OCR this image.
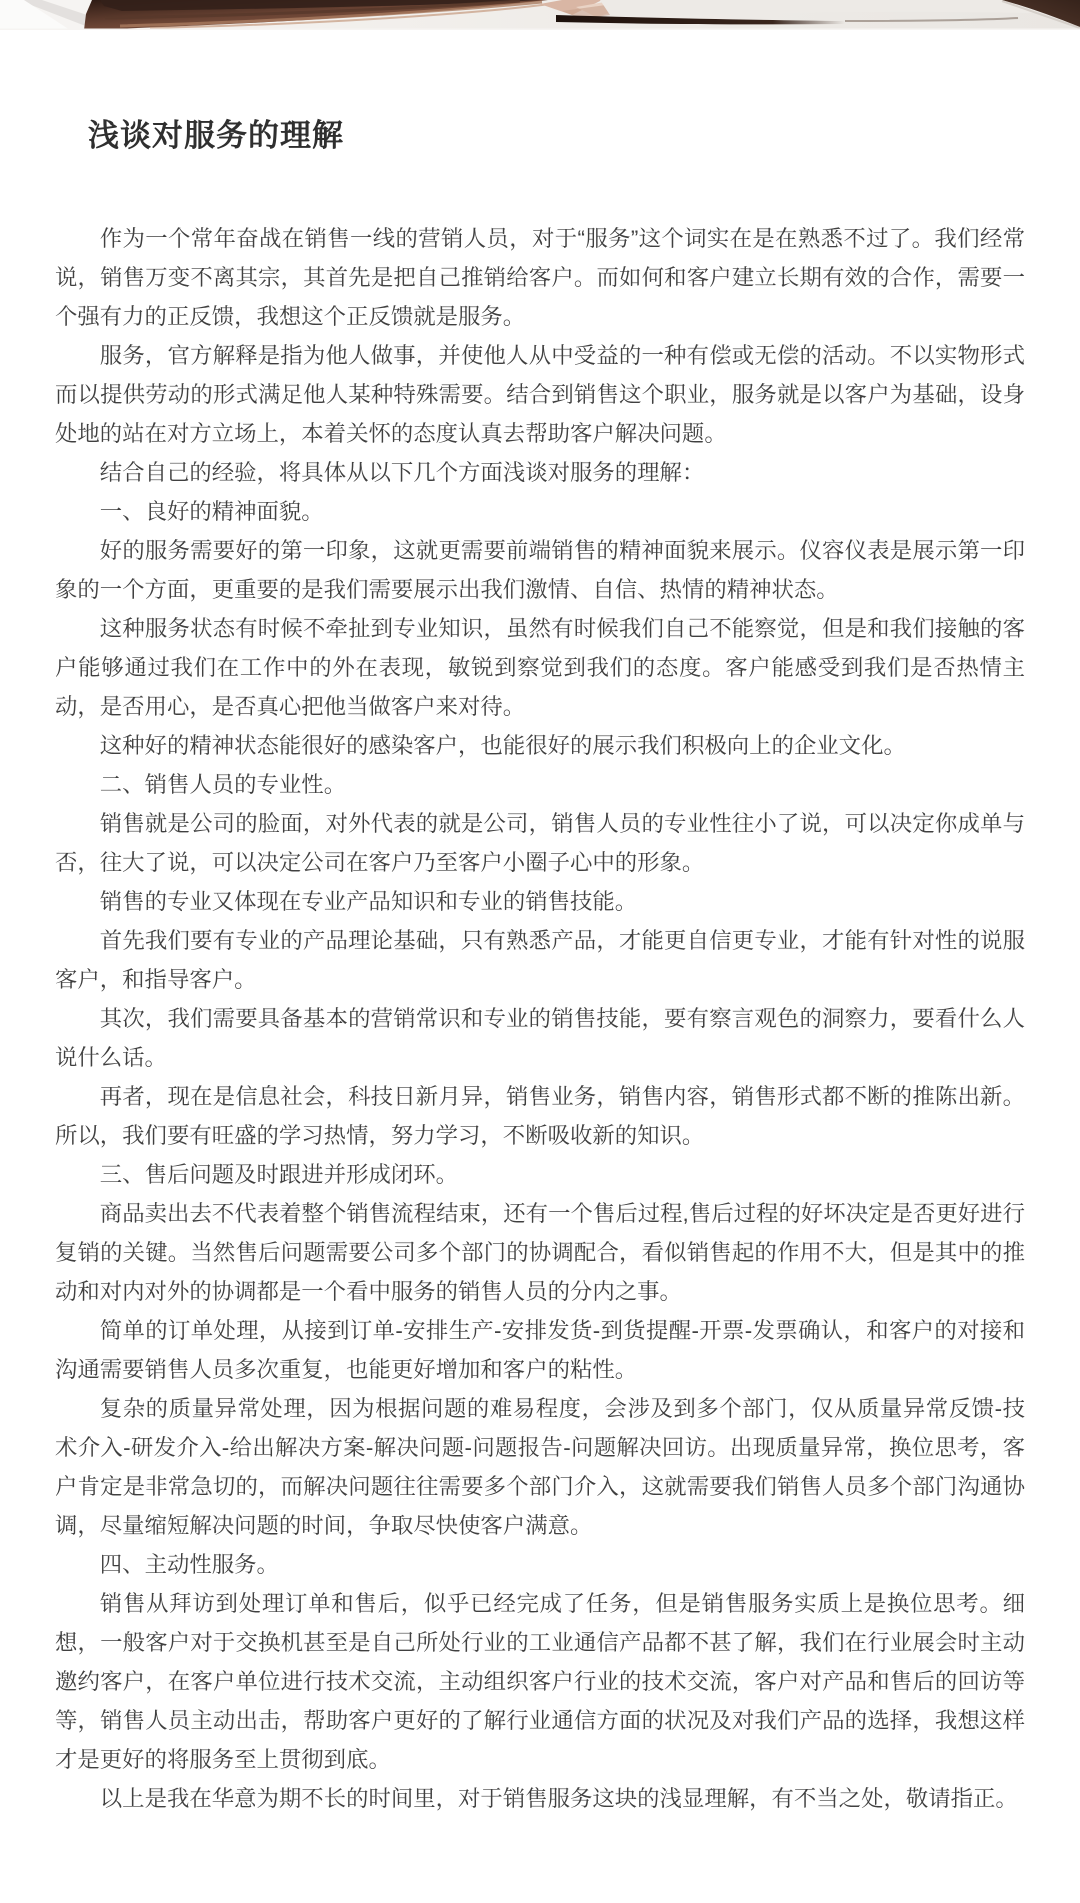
浅谈对服务的理解

作为一个常年奋战在销售一线的营销人员，对于“服务”这个词实在是在熟悉不过了。我们经常说，销售万变不离其宗，其首先是把自己推销给客户。而如何和客户建立长期有效的合作，需要一个强有力的正反馈，我想这个正反馈就是服务。

服务，官方解释是指为他人做事，并使他人从中受益的一种有偿或无偿的活动。不以实物形式而以提供劳动的形式满足他人某种特殊需要。结合到销售这个职业，服务就是以客户为基础，设身处地的站在对方立场上，本着关怀的态度认真去帮助客户解决问题。

结合自己的经验，将具体从以下几个方面浅谈对服务的理解：

一、良好的精神面貌。

好的服务需要好的第一印象，这就更需要前端销售的精神面貌来展示。仪容仪表是展示第一印象的一个方面，更重要的是我们需要展示出我们激情、自信、热情的精神状态。

这种服务状态有时候不牵扯到专业知识，虽然有时候我们自己不能察觉，但是和我们接触的客户能够通过我们在工作中的外在表现，敏锐到察觉到我们的态度。客户能感受到我们是否热情主动，是否用心，是否真心把他当做客户来对待。

这种好的精神状态能很好的感染客户，也能很好的展示我们积极向上的企业文化。

二、销售人员的专业性。

销售就是公司的脸面，对外代表的就是公司，销售人员的专业性往小了说，可以决定你成单与否，往大了说，可以决定公司在客户乃至客户小圈子心中的形象。

销售的专业又体现在专业产品知识和专业的销售技能。

首先我们要有专业的产品理论基础，只有熟悉产品，才能更自信更专业，才能有针对性的说服客户，和指导客户。

其次，我们需要具备基本的营销常识和专业的销售技能，要有察言观色的洞察力，要看什么人说什么话。

再者，现在是信息社会，科技日新月异，销售业务，销售内容，销售形式都不断的推陈出新。所以，我们要有旺盛的学习热情，努力学习，不断吸收新的知识。

三、售后问题及时跟进并形成闭环。

商品卖出去不代表着整个销售流程结束，还有一个售后过程,售后过程的好坏决定是否更好进行复销的关键。当然售后问题需要公司多个部门的协调配合，看似销售起的作用不大，但是其中的推动和对内对外的协调都是一个看中服务的销售人员的分内之事。

简单的订单处理，从接到订单-安排生产-安排发货-到货提醒-开票-发票确认，和客户的对接和沟通需要销售人员多次重复，也能更好增加和客户的粘性。

复杂的质量异常处理，因为根据问题的难易程度，会涉及到多个部门，仅从质量异常反馈-技术介入-研发介入-给出解决方案-解决问题-问题报告-问题解决回访。出现质量异常，换位思考，客户肯定是非常急切的，而解决问题往往需要多个部门介入，这就需要我们销售人员多个部门沟通协调，尽量缩短解决问题的时间，争取尽快使客户满意。

四、主动性服务。

销售从拜访到处理订单和售后，似乎已经完成了任务，但是销售服务实质上是换位思考。细想，一般客户对于交换机甚至是自己所处行业的工业通信产品都不甚了解，我们在行业展会时主动邀约客户，在客户单位进行技术交流，主动组织客户行业的技术交流，客户对产品和售后的回访等等，销售人员主动出击，帮助客户更好的了解行业通信方面的状况及对我们产品的选择，我想这样才是更好的将服务至上贯彻到底。

以上是我在华意为期不长的时间里，对于销售服务这块的浅显理解，有不当之处，敬请指正。
